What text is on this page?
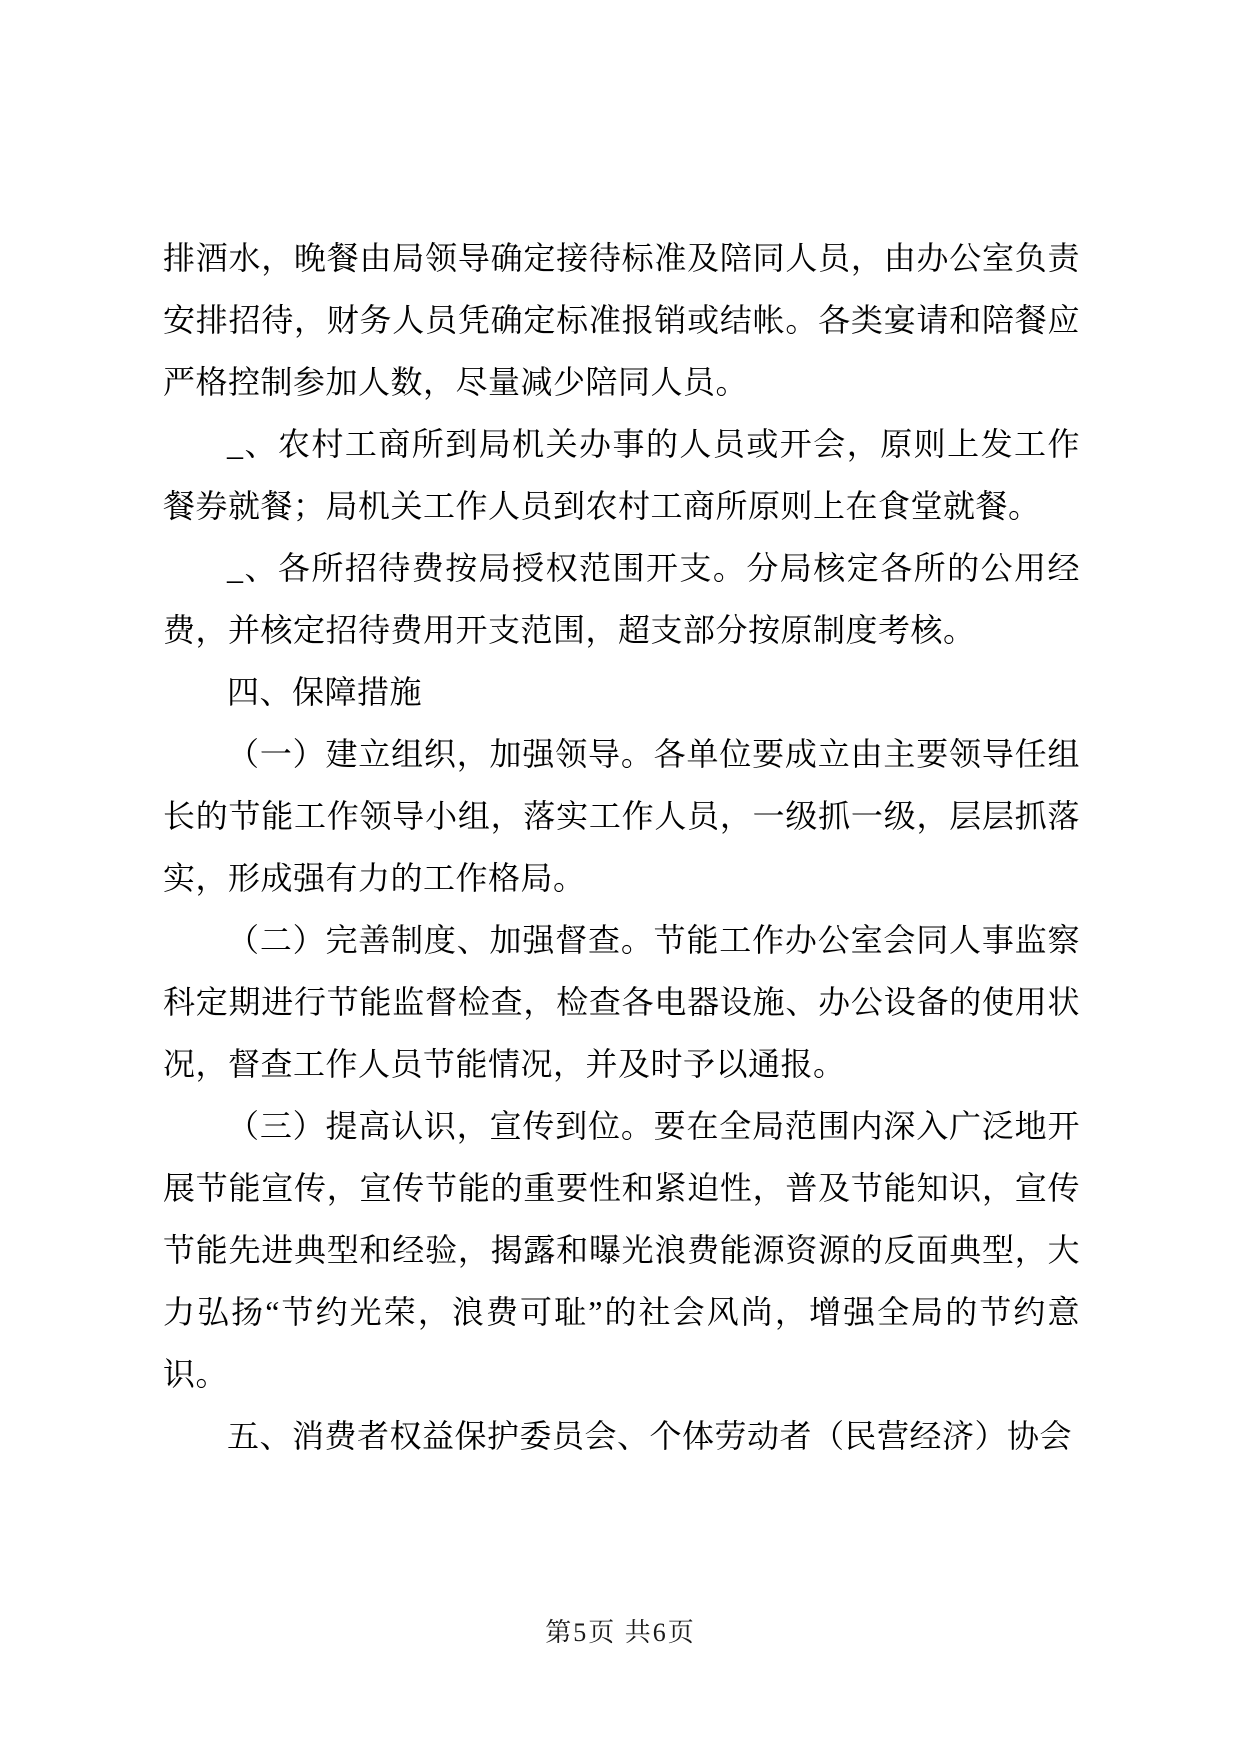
排酒水，晚餐由局领导确定接待标准及陪同人员，由办公室负责安排招待，财务人员凭确定标准报销或结帐。各类宴请和陪餐应严格控制参加人数，尽量减少陪同人员。

_、农村工商所到局机关办事的人员或开会，原则上发工作餐券就餐；局机关工作人员到农村工商所原则上在食堂就餐。

_、各所招待费按局授权范围开支。分局核定各所的公用经费，并核定招待费用开支范围，超支部分按原制度考核。

四、保障措施

（一）建立组织，加强领导。各单位要成立由主要领导任组长的节能工作领导小组，落实工作人员，一级抓一级，层层抓落实，形成强有力的工作格局。

（二）完善制度、加强督查。节能工作办公室会同人事监察科定期进行节能监督检查，检查各电器设施、办公设备的使用状况，督查工作人员节能情况，并及时予以通报。

（三）提高认识，宣传到位。要在全局范围内深入广泛地开展节能宣传，宣传节能的重要性和紧迫性，普及节能知识，宣传节能先进典型和经验，揭露和曝光浪费能源资源的反面典型，大力弘扬“节约光荣，浪费可耻”的社会风尚，增强全局的节约意识。

五、消费者权益保护委员会、个体劳动者（民营经济）协会

第5页 共6页
